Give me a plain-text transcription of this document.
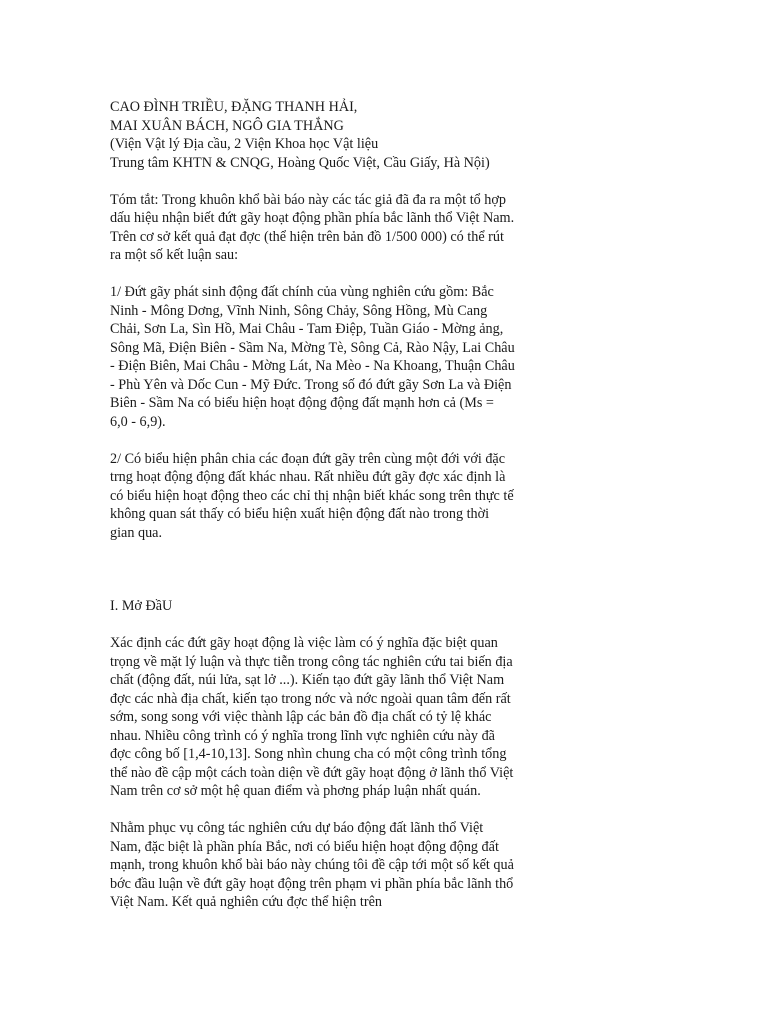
CAO ĐÌNH TRIỀU, ĐẶNG THANH HẢI,

MAI XUÂN BÁCH, NGÔ GIA THẮNG

(Viện Vật lý Địa cầu, 2 Viện Khoa học Vật liệu

Trung tâm KHTN & CNQG, Hoàng Quốc Việt, Cầu Giấy, Hà Nội)

Tóm tắt: Trong khuôn khổ bài báo này các tác giả đã đa ra một tổ hợp dấu hiệu nhận biết đứt gãy hoạt động phần phía bắc lãnh thổ Việt Nam. Trên cơ sở kết quả đạt đợc (thể hiện trên bản đồ 1/500 000) có thể rút ra một số kết luận sau:

1/ Đứt gãy phát sinh động đất chính của vùng nghiên cứu gồm: Bắc Ninh - Mông Dơng, Vĩnh Ninh, Sông Chảy, Sông Hồng, Mù Cang Chải, Sơn La, Sìn Hồ, Mai Châu - Tam Điệp, Tuần Giáo - Mờng ảng, Sông Mã, Điện Biên - Sầm Na, Mờng Tè, Sông Cả, Rào Nậy, Lai Châu - Điện Biên, Mai Châu - Mờng Lát, Na Mèo - Na Khoang, Thuận Châu - Phù Yên và Dốc Cun - Mỹ Đức. Trong số đó đứt gãy Sơn La và Điện Biên - Sầm Na có biểu hiện hoạt động động đất mạnh hơn cả (Ms = 6,0 - 6,9).

2/ Có biểu hiện phân chia các đoạn đứt gãy trên cùng một đới với đặc trng hoạt động động đất khác nhau. Rất nhiều đứt gãy đợc xác định là có biểu hiện hoạt động theo các chỉ thị nhận biết khác song trên thực tế không quan sát thấy có biểu hiện xuất hiện động đất nào trong thời gian qua.

I. Mở ĐầU

Xác định các đứt gãy hoạt động là việc làm có ý nghĩa đặc biệt quan trọng về mặt lý luận và thực tiễn trong công tác nghiên cứu tai biến địa chất (động đất, núi lửa, sạt lở ...). Kiến tạo đứt gãy lãnh thổ Việt Nam đợc các nhà địa chất, kiến tạo trong nớc và nớc ngoài quan tâm đến rất sớm, song song với việc thành lập các bản đồ địa chất có tỷ lệ khác nhau. Nhiều công trình có ý nghĩa trong lĩnh vực nghiên cứu này đã đợc công bố [1,4-10,13]. Song nhìn chung cha có một công trình tổng thể nào đề cập một cách toàn diện về đứt gãy hoạt động ở lãnh thổ Việt Nam trên cơ sở một hệ quan điểm và phơng pháp luận nhất quán.

Nhằm phục vụ công tác nghiên cứu dự báo động đất lãnh thổ Việt Nam, đặc biệt là phần phía Bắc, nơi có biểu hiện hoạt động động đất mạnh, trong khuôn khổ bài báo này chúng tôi đề cập tới một số kết quả bớc đầu luận về đứt gãy hoạt động trên phạm vi phần phía bắc lãnh thổ Việt Nam. Kết quả nghiên cứu đợc thể hiện trên
